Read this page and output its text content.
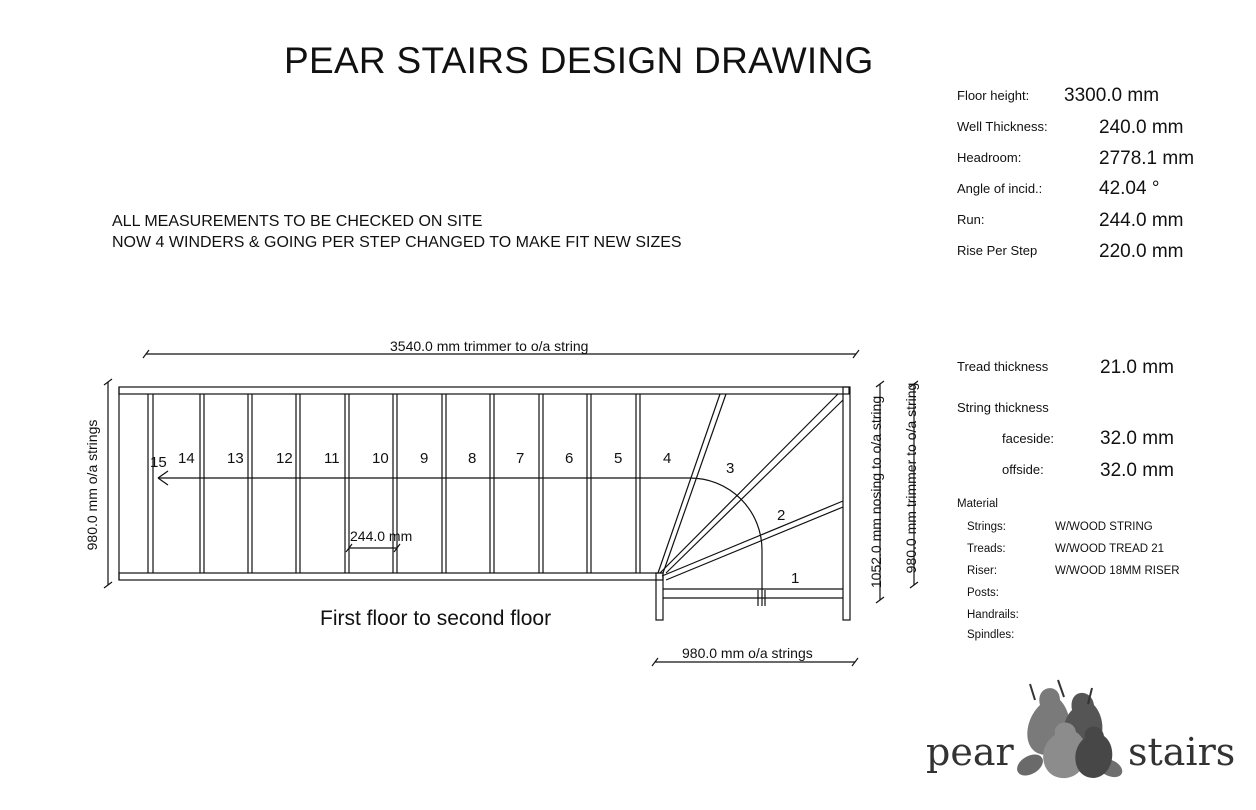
PEAR STAIRS DESIGN DRAWING
ALL MEASUREMENTS TO BE CHECKED ON SITE
NOW 4 WINDERS & GOING PER STEP CHANGED TO MAKE FIT NEW SIZES
Floor height: 3300.0 mm
Well Thickness:	240.0 mm
Headroom:	2778.1 mm
Angle of incid.:	42.04 °
Run:	244.0 mm
Rise Per Step	220.0 mm
Tread thickness	21.0 mm
String thickness
faceside: 32.0 mm
offside:	32.0 mm
Material
Strings:	W/WOOD STRING
Treads:	W/WOOD TREAD 21
Riser:	W/WOOD 18MM RISER
Posts:
Handrails:
Spindles:
3540.0 mm trimmer to o/a string
980.0 mm o/a strings
244.0 mm
980.0 mm o/a strings	1052.0 mm nosing to o/a string 980.0 mm trimmer to o/a string
1
2
3
4
5
6
7
8
9
10
11
12
13
14
15
First floor to second floor
pear	stairs
